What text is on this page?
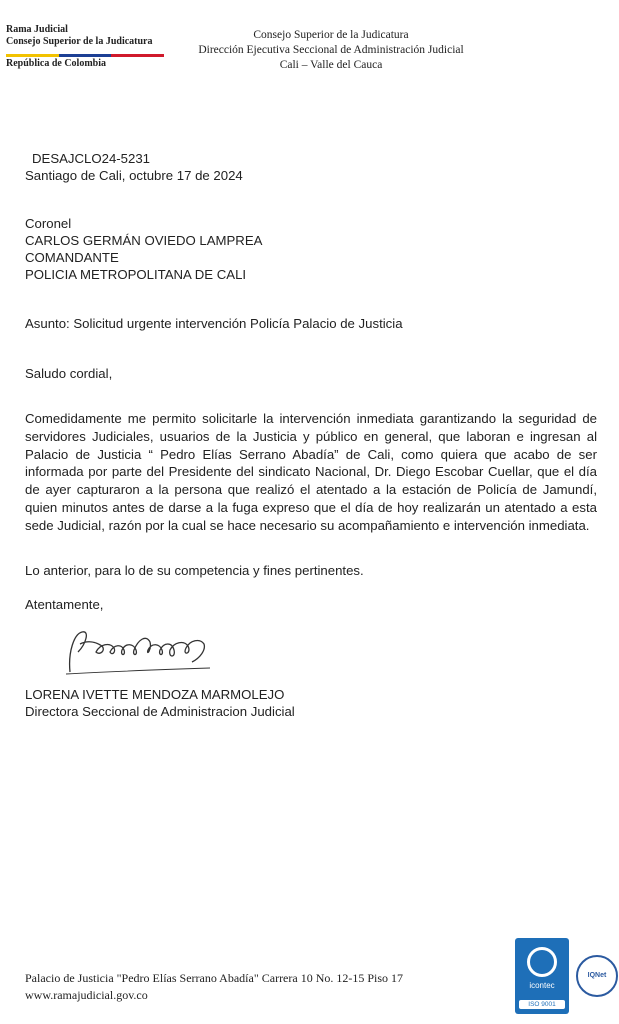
Rama Judicial
Consejo Superior de la Judicatura
República de Colombia
Consejo Superior de la Judicatura
Dirección Ejecutiva Seccional de Administración Judicial
Cali – Valle del Cauca
DESAJCLO24-5231
Santiago de Cali, octubre 17 de 2024
Coronel
CARLOS GERMÁN OVIEDO LAMPREA
COMANDANTE
POLICIA METROPOLITANA DE CALI
Asunto: Solicitud urgente intervención Policía Palacio de Justicia
Saludo cordial,
Comedidamente me permito solicitarle la intervención inmediata garantizando la seguridad de servidores Judiciales, usuarios de la Justicia y público en general, que laboran e ingresan al Palacio de Justicia “ Pedro Elías Serrano Abadía” de Cali, como quiera que acabo de ser informada por parte del Presidente del sindicato Nacional, Dr. Diego Escobar Cuellar, que el día de ayer capturaron a la persona que realizó el atentado a la estación de Policía de Jamundí, quien minutos antes de darse a la fuga expreso que el día de hoy realizarán un atentado a esta sede Judicial, razón por la cual se hace necesario su acompañamiento e intervención inmediata.
Lo anterior, para lo de su competencia y fines pertinentes.
Atentamente,
LORENA IVETTE MENDOZA MARMOLEJO
Directora Seccional de Administracion Judicial
Palacio de Justicia "Pedro Elías Serrano Abadía" Carrera 10 No. 12-15 Piso 17
www.ramajudicial.gov.co
icontec
ISO 9001
IQNet
